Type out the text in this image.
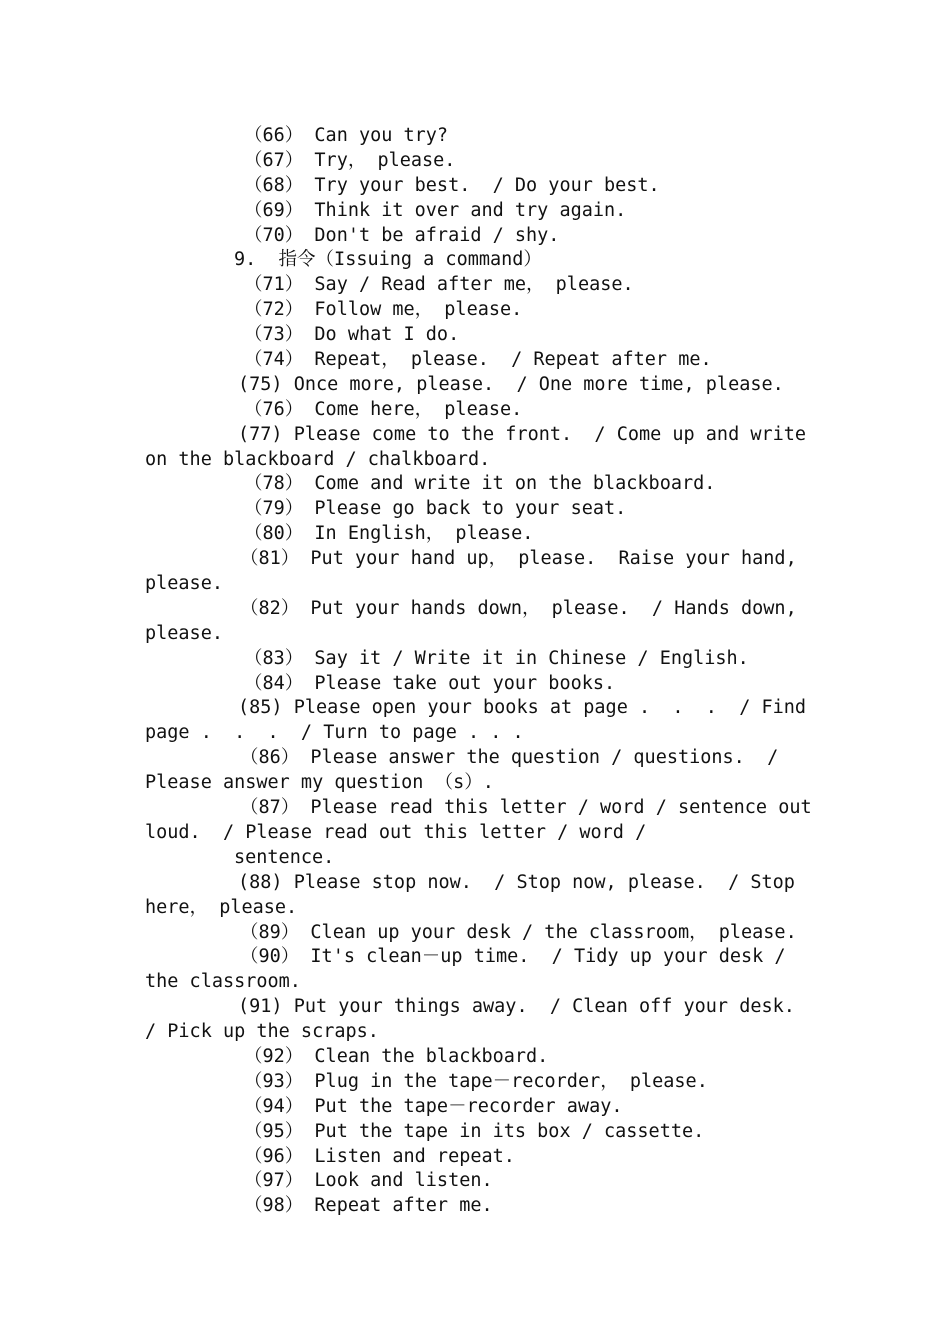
（66） Can you try?
（67） Try， please.
（68） Try your best.  / Do your best.
（69） Think it over and try again.
（70） Don't be afraid / shy.
9.  指令（Issuing a command）
（71） Say / Read after me， please.
（72） Follow me， please.
（73） Do what I do.
（74） Repeat， please.  / Repeat after me.
(75) Once more, please.  / One more time, please.
（76） Come here， please.
(77) Please come to the front.  / Come up and write
on the blackboard / chalkboard.
（78） Come and write it on the blackboard.
（79） Please go back to your seat.
（80） In English， please.
（81） Put your hand up， please.  Raise your hand,
please.
（82） Put your hands down， please.  / Hands down,
please.
（83） Say it / Write it in Chinese / English.
（84） Please take out your books.
(85) Please open your books at page .  .  .  / Find
page .  .  .  / Turn to page . . .
（86） Please answer the question / questions.  /
Please answer my question （s）.
（87） Please read this letter / word / sentence out
loud.  / Please read out this letter / word /
sentence.
(88) Please stop now.  / Stop now, please.  / Stop
here， please.
（89） Clean up your desk / the classroom， please.
（90） It's clean－up time.  / Tidy up your desk /
the classroom.
(91) Put your things away.  / Clean off your desk.
/ Pick up the scraps.
（92） Clean the blackboard.
（93） Plug in the tape－recorder， please.
（94） Put the tape－recorder away.
（95） Put the tape in its box / cassette.
（96） Listen and repeat.
（97） Look and listen.
（98） Repeat after me.
